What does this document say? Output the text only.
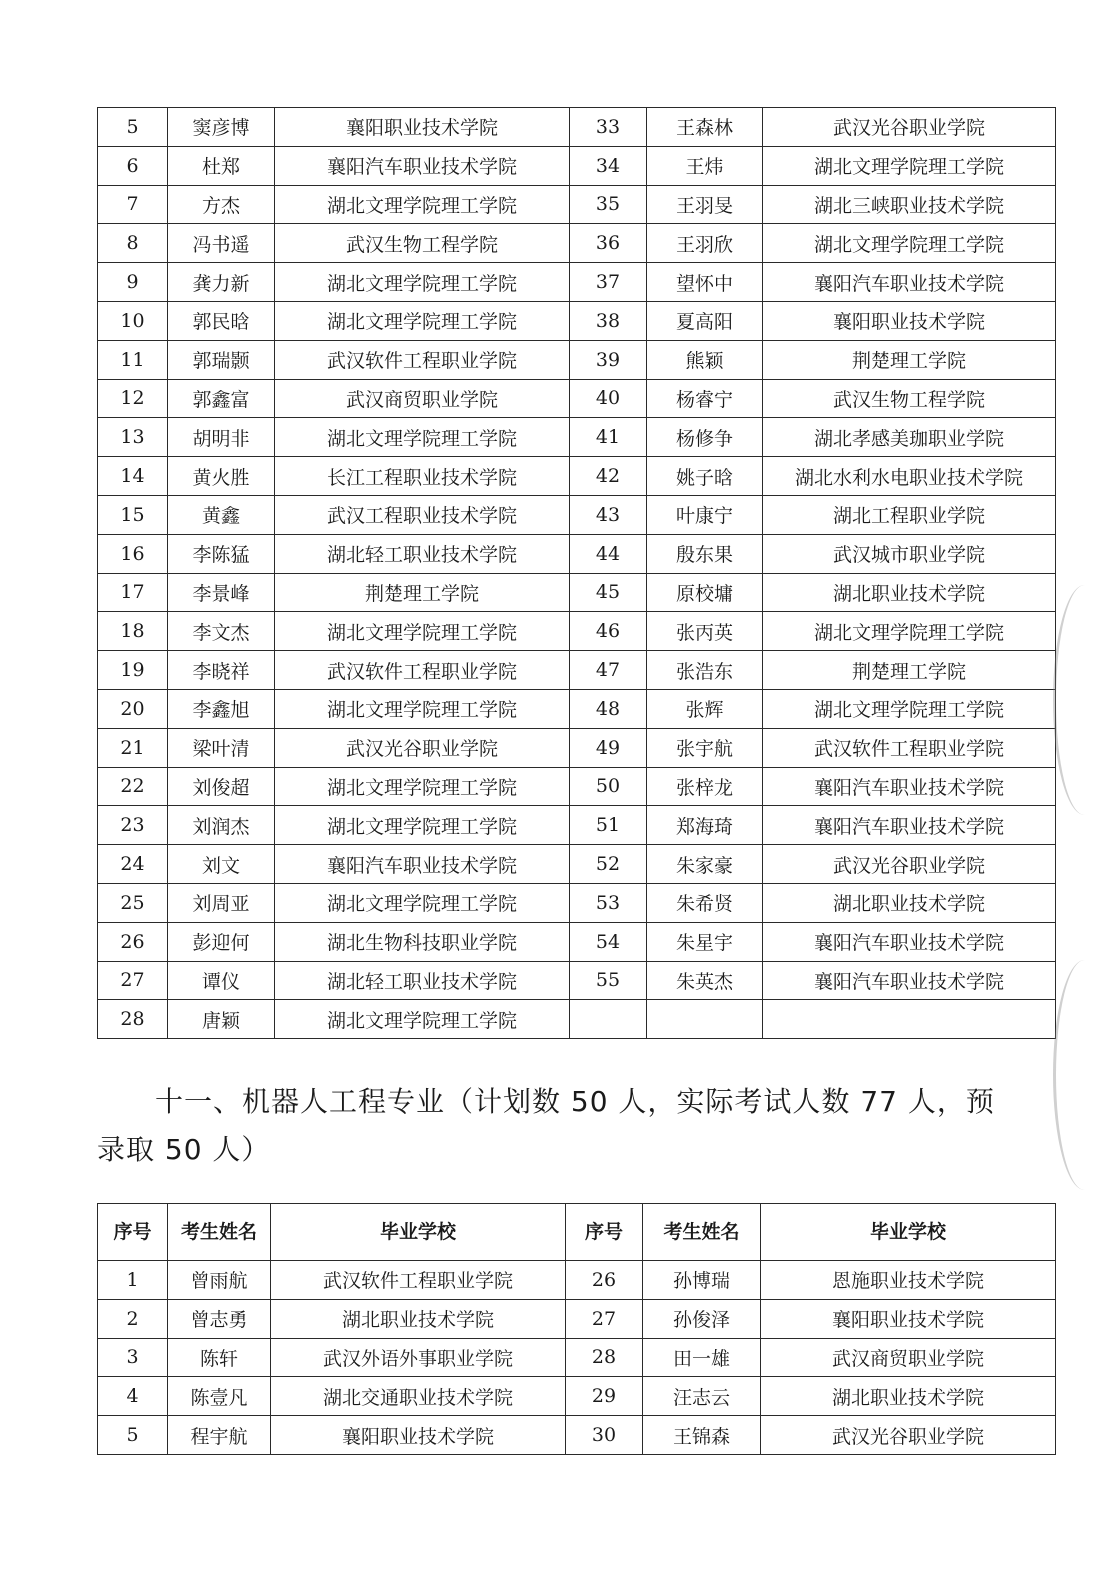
5	窦彦博	襄阳职业技术学院	33	王森林	武汉光谷职业学院
6	杜郑	襄阳汽车职业技术学院	34	王炜	湖北文理学院理工学院
7	方杰	湖北文理学院理工学院	35	王羽旻	湖北三峡职业技术学院
8	冯书遥	武汉生物工程学院	36	王羽欣	湖北文理学院理工学院
9	龚力新	湖北文理学院理工学院	37	望怀中	襄阳汽车职业技术学院
10	郭民晗	湖北文理学院理工学院	38	夏高阳	襄阳职业技术学院
11	郭瑞颢	武汉软件工程职业学院	39	熊颖	荆楚理工学院
12	郭鑫富	武汉商贸职业学院	40	杨睿宁	武汉生物工程学院
13	胡明非	湖北文理学院理工学院	41	杨修争	湖北孝感美珈职业学院
14	黄火胜	长江工程职业技术学院	42	姚子晗	湖北水利水电职业技术学院
15	黄鑫	武汉工程职业技术学院	43	叶康宁	湖北工程职业学院
16	李陈猛	湖北轻工职业技术学院	44	殷东果	武汉城市职业学院
17	李景峰	荆楚理工学院	45	原校墉	湖北职业技术学院
18	李文杰	湖北文理学院理工学院	46	张丙英	湖北文理学院理工学院
19	李晓祥	武汉软件工程职业学院	47	张浩东	荆楚理工学院
20	李鑫旭	湖北文理学院理工学院	48	张辉	湖北文理学院理工学院
21	梁叶清	武汉光谷职业学院	49	张宇航	武汉软件工程职业学院
22	刘俊超	湖北文理学院理工学院	50	张梓龙	襄阳汽车职业技术学院
23	刘润杰	湖北文理学院理工学院	51	郑海琦	襄阳汽车职业技术学院
24	刘文	襄阳汽车职业技术学院	52	朱家豪	武汉光谷职业学院
25	刘周亚	湖北文理学院理工学院	53	朱希贤	湖北职业技术学院
26	彭迎何	湖北生物科技职业学院	54	朱星宇	襄阳汽车职业技术学院
27	谭仪	湖北轻工职业技术学院	55	朱英杰	襄阳汽车职业技术学院
28	唐颖	湖北文理学院理工学院			
十一、机器人工程专业（计划数 50 人，实际考试人数 77 人，预录取 50 人）
序号	考生姓名	毕业学校	序号	考生姓名	毕业学校
1	曾雨航	武汉软件工程职业学院	26	孙博瑞	恩施职业技术学院
2	曾志勇	湖北职业技术学院	27	孙俊泽	襄阳职业技术学院
3	陈轩	武汉外语外事职业学院	28	田一雄	武汉商贸职业学院
4	陈壹凡	湖北交通职业技术学院	29	汪志云	湖北职业技术学院
5	程宇航	襄阳职业技术学院	30	王锦森	武汉光谷职业学院
